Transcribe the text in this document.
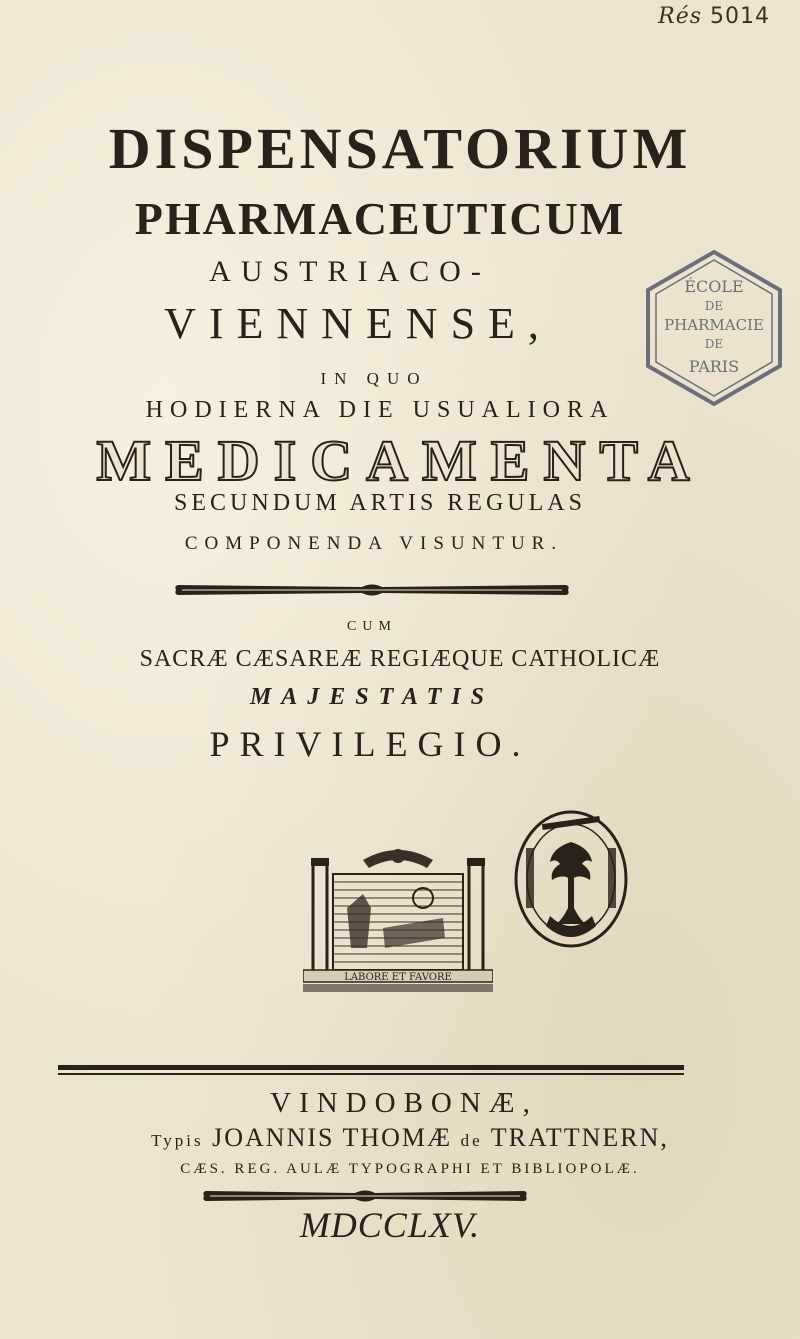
Rés 5014
DISPENSATORIUM
PHARMACEUTICUM
AUSTRIACO-
VIENNENSE,
IN QUO
HODIERNA DIE USUALIORA
MEDICAMENTA
SECUNDUM ARTIS REGULAS
COMPONENDA VISUNTUR.
CUM
SACRÆ CÆSAREÆ REGIÆQUE CATHOLICÆ
MAJESTATIS
PRIVILEGIO.
ÉCOLE
DE
PHARMACIE
DE
PARIS
LABORE ET FAVORE
VINDOBONÆ,
Typis JOANNIS THOMÆ de TRATTNERN,
CÆS. REG. AULÆ TYPOGRAPHI ET BIBLIOPOLÆ.
MDCCLXV.
